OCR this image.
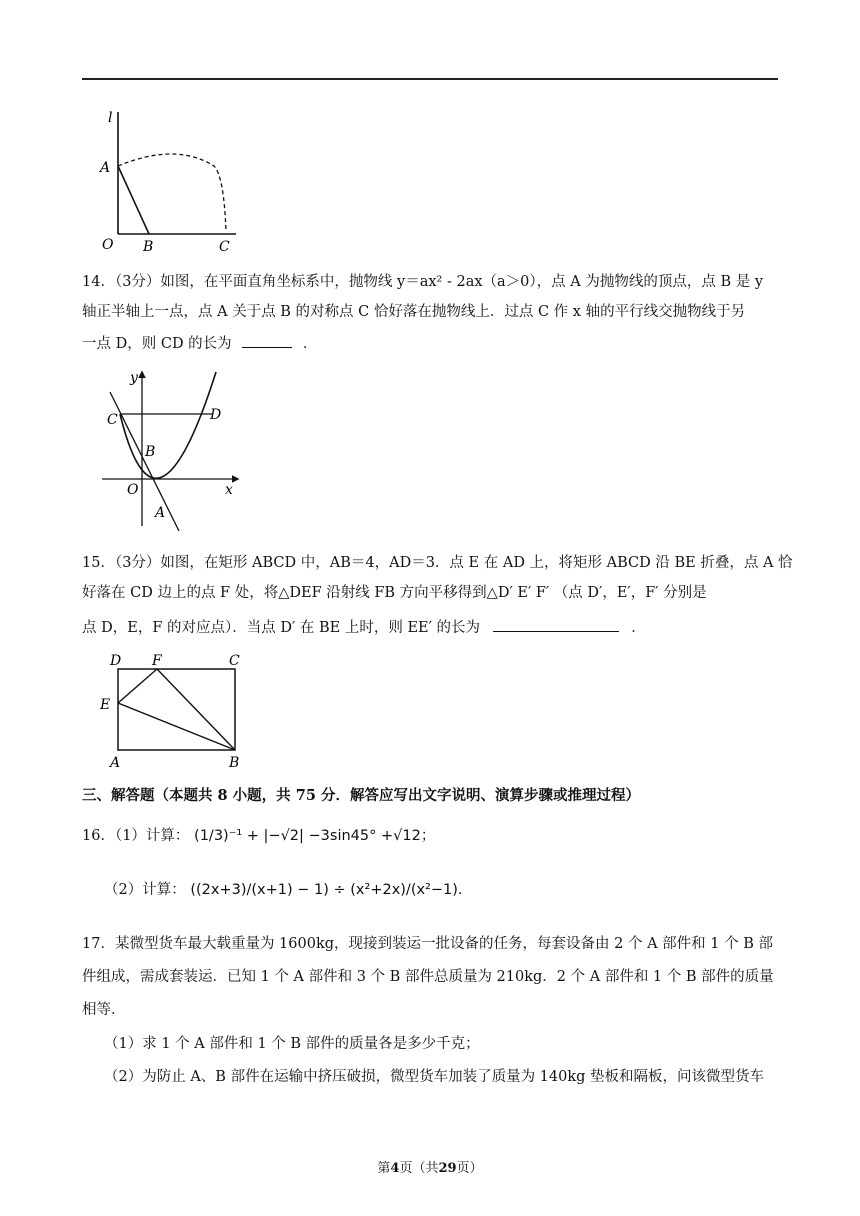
l
A
O B	C
14．（3分）如图，在平面直角坐标系中，抛物线 y＝ax² - 2ax（a＞0），点 A 为抛物线的顶点，点 B 是 y
轴正半轴上一点，点 A 关于点 B 的对称点 C 恰好落在抛物线上．过点 C 作 x 轴的平行线交抛物线于另
一点 D，则 CD 的长为	．
y
x
C	D
B
O
A
15．（3分）如图，在矩形 ABCD 中，AB＝4，AD＝3．点 E 在 AD 上，将矩形 ABCD 沿 BE 折叠，点 A 恰
好落在 CD 边上的点 F 处，将△DEF 沿射线 FB 方向平移得到△D′ E′ F′ （点 D′，E′，F′ 分别是
点 D，E，F 的对应点）．当点 D′ 在 BE 上时，则 EE′ 的长为	．
D F	C
E
A	B
三、解答题（本题共 8 小题，共 75 分．解答应写出文字说明、演算步骤或推理过程）
16．（1）计算： (1/3)⁻¹ + |−√2| −3sin45° +√12；
（2）计算： ((2x+3)/(x+1) − 1) ÷ (x²+2x)/(x²−1).
17．某微型货车最大载重量为 1600kg，现接到装运一批设备的任务，每套设备由 2 个 A 部件和 1 个 B 部
件组成，需成套装运．已知 1 个 A 部件和 3 个 B 部件总质量为 210kg．2 个 A 部件和 1 个 B 部件的质量
相等．
（1）求 1 个 A 部件和 1 个 B 部件的质量各是多少千克；
（2）为防止 A、B 部件在运输中挤压破损，微型货车加装了质量为 140kg 垫板和隔板，问该微型货车
第4页（共29页）
